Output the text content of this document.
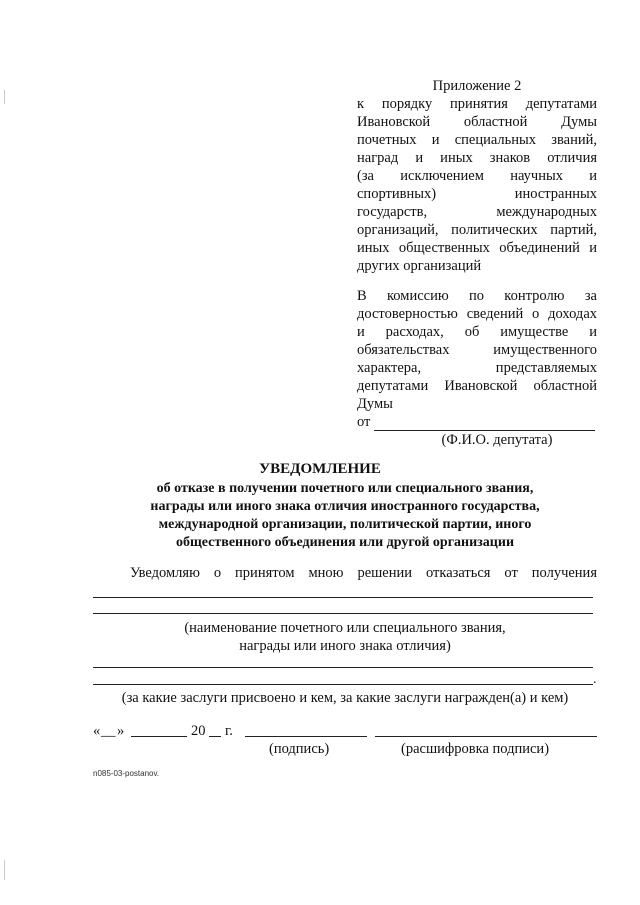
Приложение 2
к порядку принятия депутатами
Ивановской областной Думы
почетных и специальных званий,
наград и иных знаков отличия
(за исключением научных и
спортивных) иностранных
государств, международных
организаций, политических партий,
иных общественных объединений и
других организаций
В комиссию по контролю за
достоверностью сведений о доходах
и расходах, об имуществе и
обязательствах имущественного
характера, представляемых
депутатами Ивановской областной
Думы
от
(Ф.И.О. депутата)
УВЕДОМЛЕНИЕ
об отказе в получении почетного или специального звания,
награды или иного знака отличия иностранного государства,
международной организации, политической партии, иного
общественного объединения или другой организации
Уведомляю о принятом мною решении отказаться от получения
(наименование почетного или специального звания,
награды или иного знака отличия)
.
(за какие заслуги присвоено и кем, за какие заслуги награжден(а) и кем)
« __ »	20 г.
(подпись)	(расшифровка подписи)
n085-03-postanov.
